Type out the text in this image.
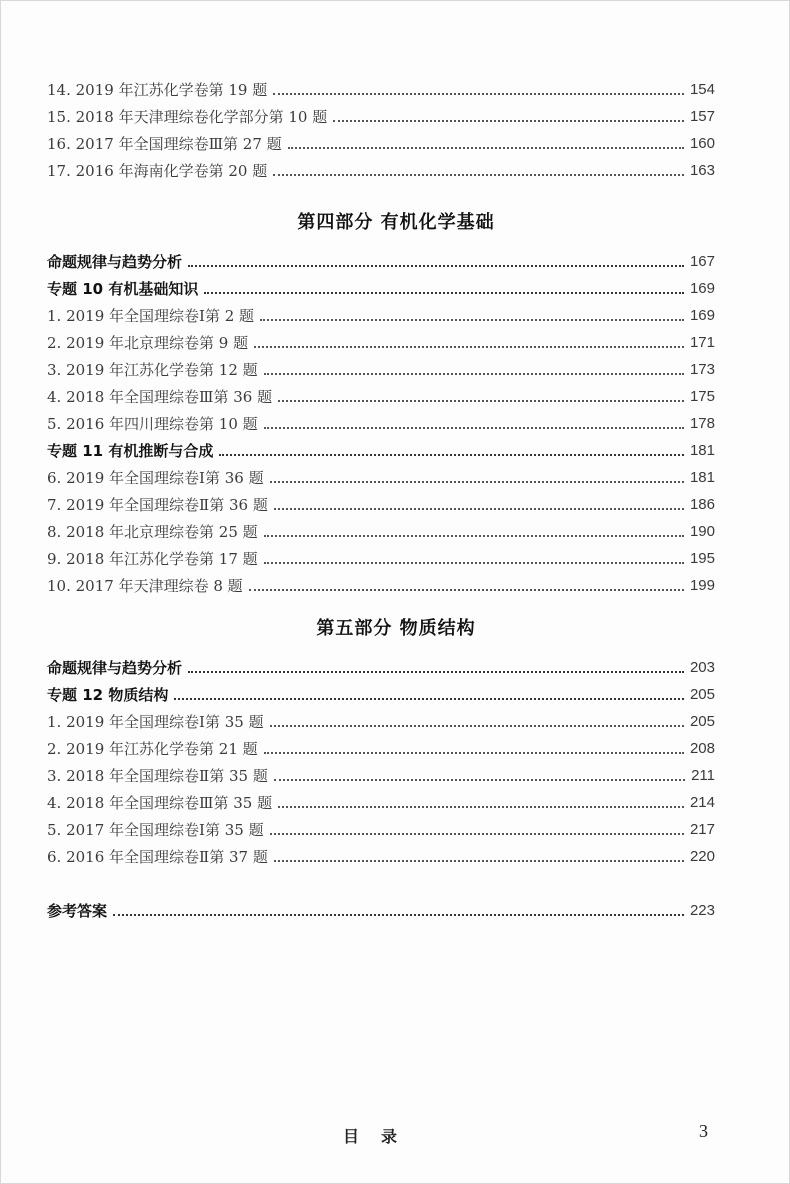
14. 2019 年江苏化学卷第 19 题	154
15. 2018 年天津理综卷化学部分第 10 题	157
16. 2017 年全国理综卷Ⅲ第 27 题	160
17. 2016 年海南化学卷第 20 题	163
第四部分 有机化学基础
命题规律与趋势分析	167
专题 10 有机基础知识	169
1. 2019 年全国理综卷Ⅰ第 2 题	169
2. 2019 年北京理综卷第 9 题	171
3. 2019 年江苏化学卷第 12 题	173
4. 2018 年全国理综卷Ⅲ第 36 题	175
5. 2016 年四川理综卷第 10 题	178
专题 11 有机推断与合成	181
6. 2019 年全国理综卷Ⅰ第 36 题	181
7. 2019 年全国理综卷Ⅱ第 36 题	186
8. 2018 年北京理综卷第 25 题	190
9. 2018 年江苏化学卷第 17 题	195
10. 2017 年天津理综卷 8 题	199
第五部分 物质结构
命题规律与趋势分析	203
专题 12 物质结构	205
1. 2019 年全国理综卷Ⅰ第 35 题	205
2. 2019 年江苏化学卷第 21 题	208
3. 2018 年全国理综卷Ⅱ第 35 题	211
4. 2018 年全国理综卷Ⅲ第 35 题	214
5. 2017 年全国理综卷Ⅰ第 35 题	217
6. 2016 年全国理综卷Ⅱ第 37 题	220
参考答案	223
目录	3
